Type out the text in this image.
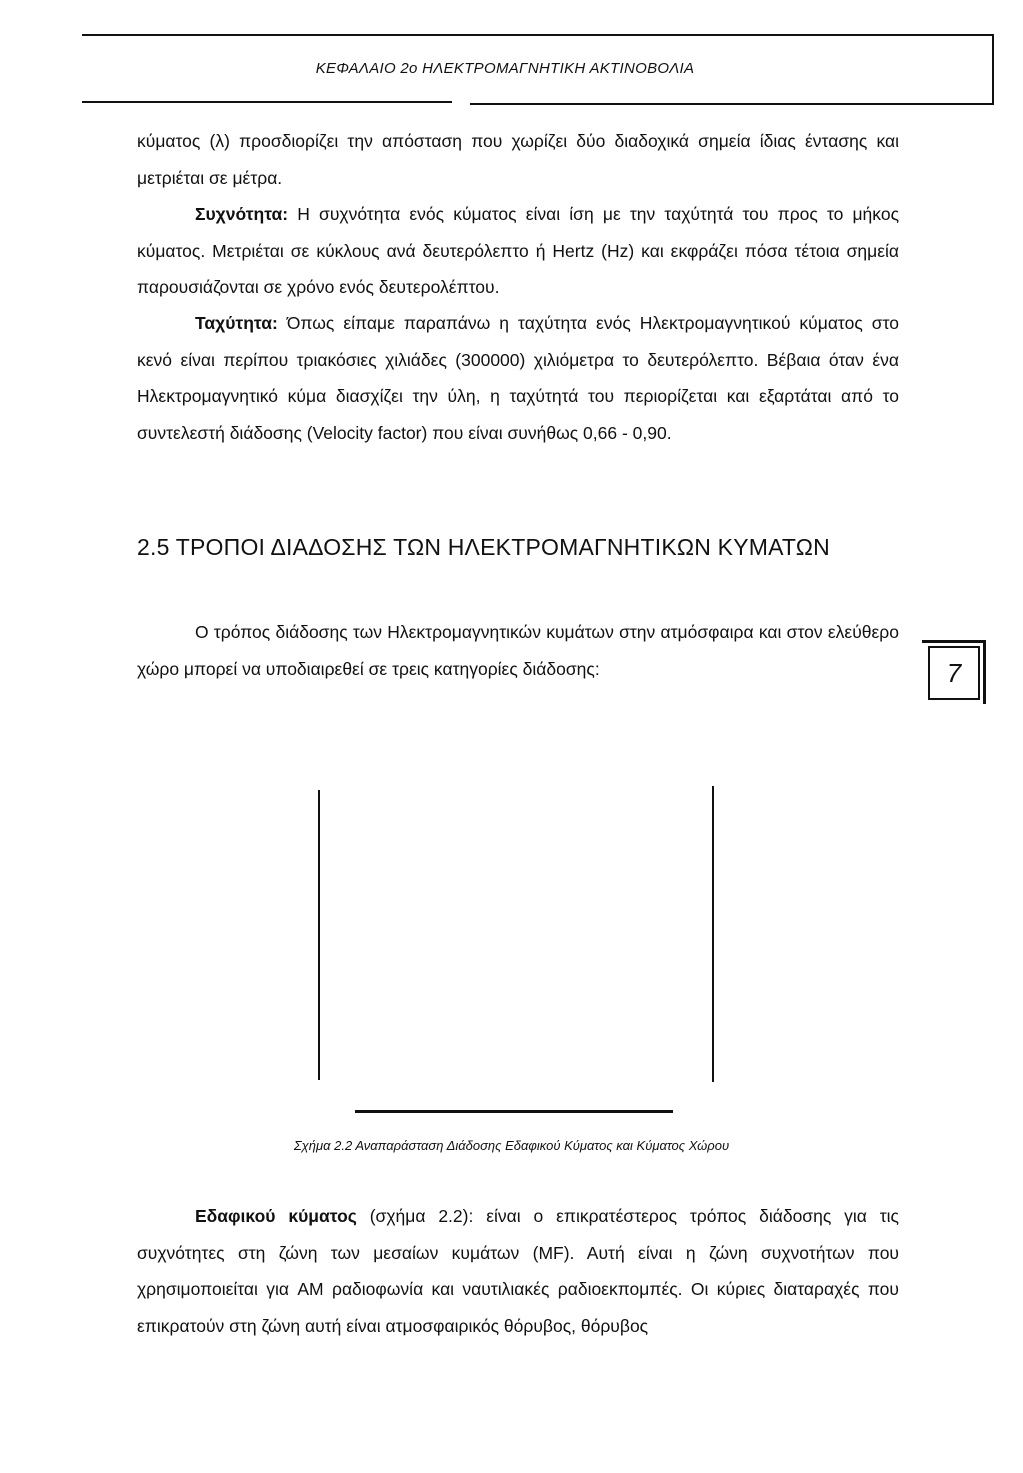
ΚΕΦΑΛΑΙΟ 2ο ΗΛΕΚΤΡΟΜΑΓΝΗΤΙΚΗ ΑΚΤΙΝΟΒΟΛΙΑ

κύματος (λ) προσδιορίζει την απόσταση που χωρίζει δύο διαδοχικά σημεία ίδιας έντασης και μετριέται σε μέτρα.

Συχνότητα: Η συχνότητα ενός κύματος είναι ίση με την ταχύτητά του προς το μήκος κύματος. Μετριέται σε κύκλους ανά δευτερόλεπτο ή Hertz (Hz) και εκφράζει πόσα τέτοια σημεία παρουσιάζονται σε χρόνο ενός δευτερολέπτου.

Ταχύτητα: Όπως είπαμε παραπάνω η ταχύτητα ενός Ηλεκτρομαγνητικού κύματος στο κενό είναι περίπου τριακόσιες χιλιάδες (300000) χιλιόμετρα το δευτερόλεπτο. Βέβαια όταν ένα Ηλεκτρομαγνητικό κύμα διασχίζει την ύλη, η ταχύτητά του περιορίζεται και εξαρτάται από το συντελεστή διάδοσης (Velocity factor) που είναι συνήθως 0,66 - 0,90.

2.5 ΤΡΟΠΟΙ ΔΙΑΔΟΣΗΣ ΤΩΝ ΗΛΕΚΤΡΟΜΑΓΝΗΤΙΚΩΝ ΚΥΜΑΤΩΝ

Ο τρόπος διάδοσης των Ηλεκτρομαγνητικών κυμάτων στην ατμόσφαιρα και στον ελεύθερο χώρο μπορεί να υποδιαιρεθεί σε τρεις κατηγορίες διάδοσης:

Σχήμα 2.2 Αναπαράσταση Διάδοσης Εδαφικού Κύματος και Κύματος Χώρου

Εδαφικού κύματος (σχήμα 2.2): είναι ο επικρατέστερος τρόπος διάδοσης για τις συχνότητες στη ζώνη των μεσαίων κυμάτων (MF). Αυτή είναι η ζώνη συχνοτήτων που χρησιμοποιείται για AM ραδιοφωνία και ναυτιλιακές ραδιοεκπομπές. Οι κύριες διαταραχές που επικρατούν στη ζώνη αυτή είναι ατμοσφαιρικός θόρυβος, θόρυβος

7
